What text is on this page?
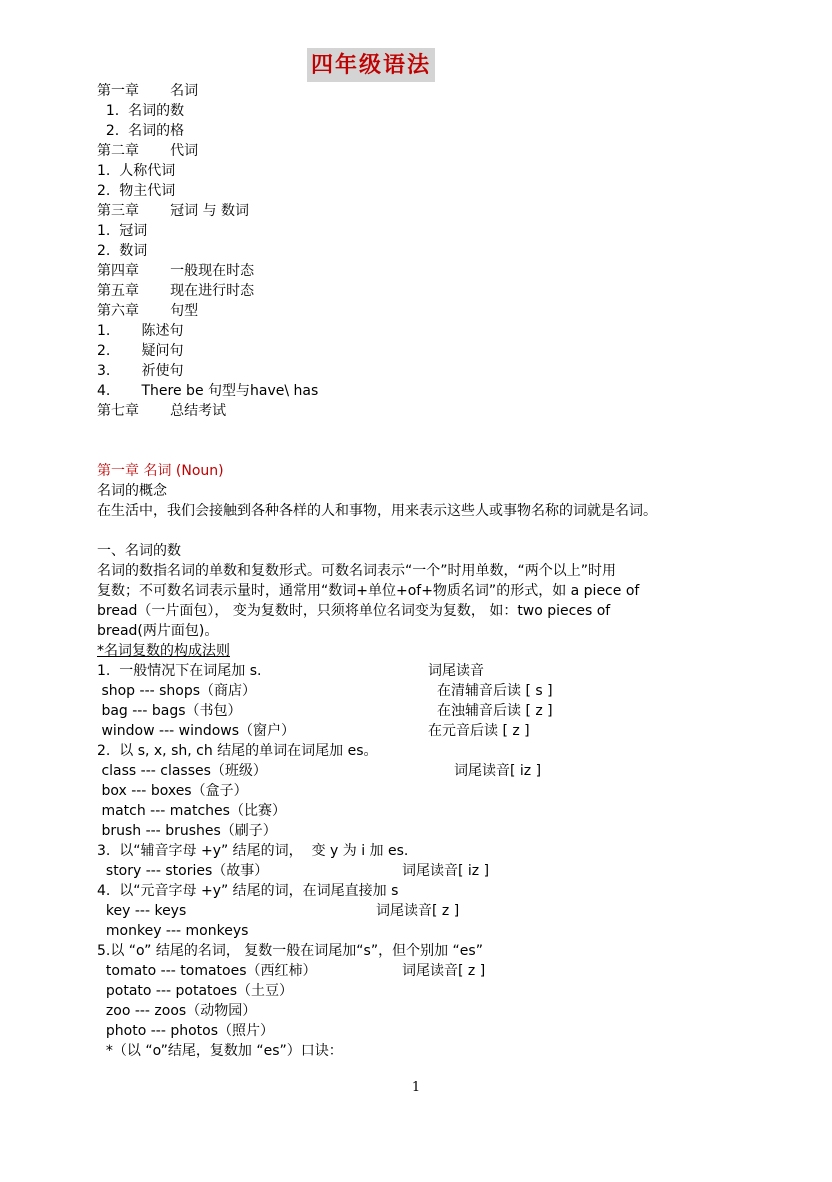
四年级语法
第一章       名词
1.  名词的数
2.  名词的格
第二章       代词
1.  人称代词
2.  物主代词
第三章       冠词 与 数词
1.  冠词
2.  数词
第四章       一般现在时态
第五章       现在进行时态
第六章       句型
1.       陈述句
2.       疑问句
3.       祈使句
4.       There be 句型与have\ has
第七章       总结考试
第一章 名词 (Noun)
名词的概念
在生活中，我们会接触到各种各样的人和事物，用来表示这些人或事物名称的词就是名词。
一、名词的数
名词的数指名词的单数和复数形式。可数名词表示“一个”时用单数，“两个以上”时用
复数；不可数名词表示量时，通常用“数词+单位+of+物质名词”的形式，如 a piece of
bread（一片面包）， 变为复数时，只须将单位名词变为复数， 如：two pieces of
bread(两片面包)。
*名词复数的构成法则
1.  一般情况下在词尾加 s.	词尾读音
shop --- shops（商店）	在清辅音后读 [ s ]
bag --- bags（书包）	在浊辅音后读 [ z ]
window --- windows（窗户）	在元音后读 [ z ]
2.  以 s, x, sh, ch 结尾的单词在词尾加 es。
class --- classes（班级）	词尾读音[ iz ]
box --- boxes（盒子）
match --- matches（比赛）
brush --- brushes（刷子）
3.  以“辅音字母 +y” 结尾的词，  变 y 为 i 加 es.
story --- stories（故事）	词尾读音[ iz ]
4.  以“元音字母 +y” 结尾的词，在词尾直接加 s
key --- keys	词尾读音[ z ]
monkey --- monkeys
5.以 “o” 结尾的名词， 复数一般在词尾加“s”，但个别加 “es”
tomato --- tomatoes（西红柿）	词尾读音[ z ]
potato --- potatoes（土豆）
zoo --- zoos（动物园）
photo --- photos（照片）
*（以 “o”结尾，复数加 “es”）口诀：
1
